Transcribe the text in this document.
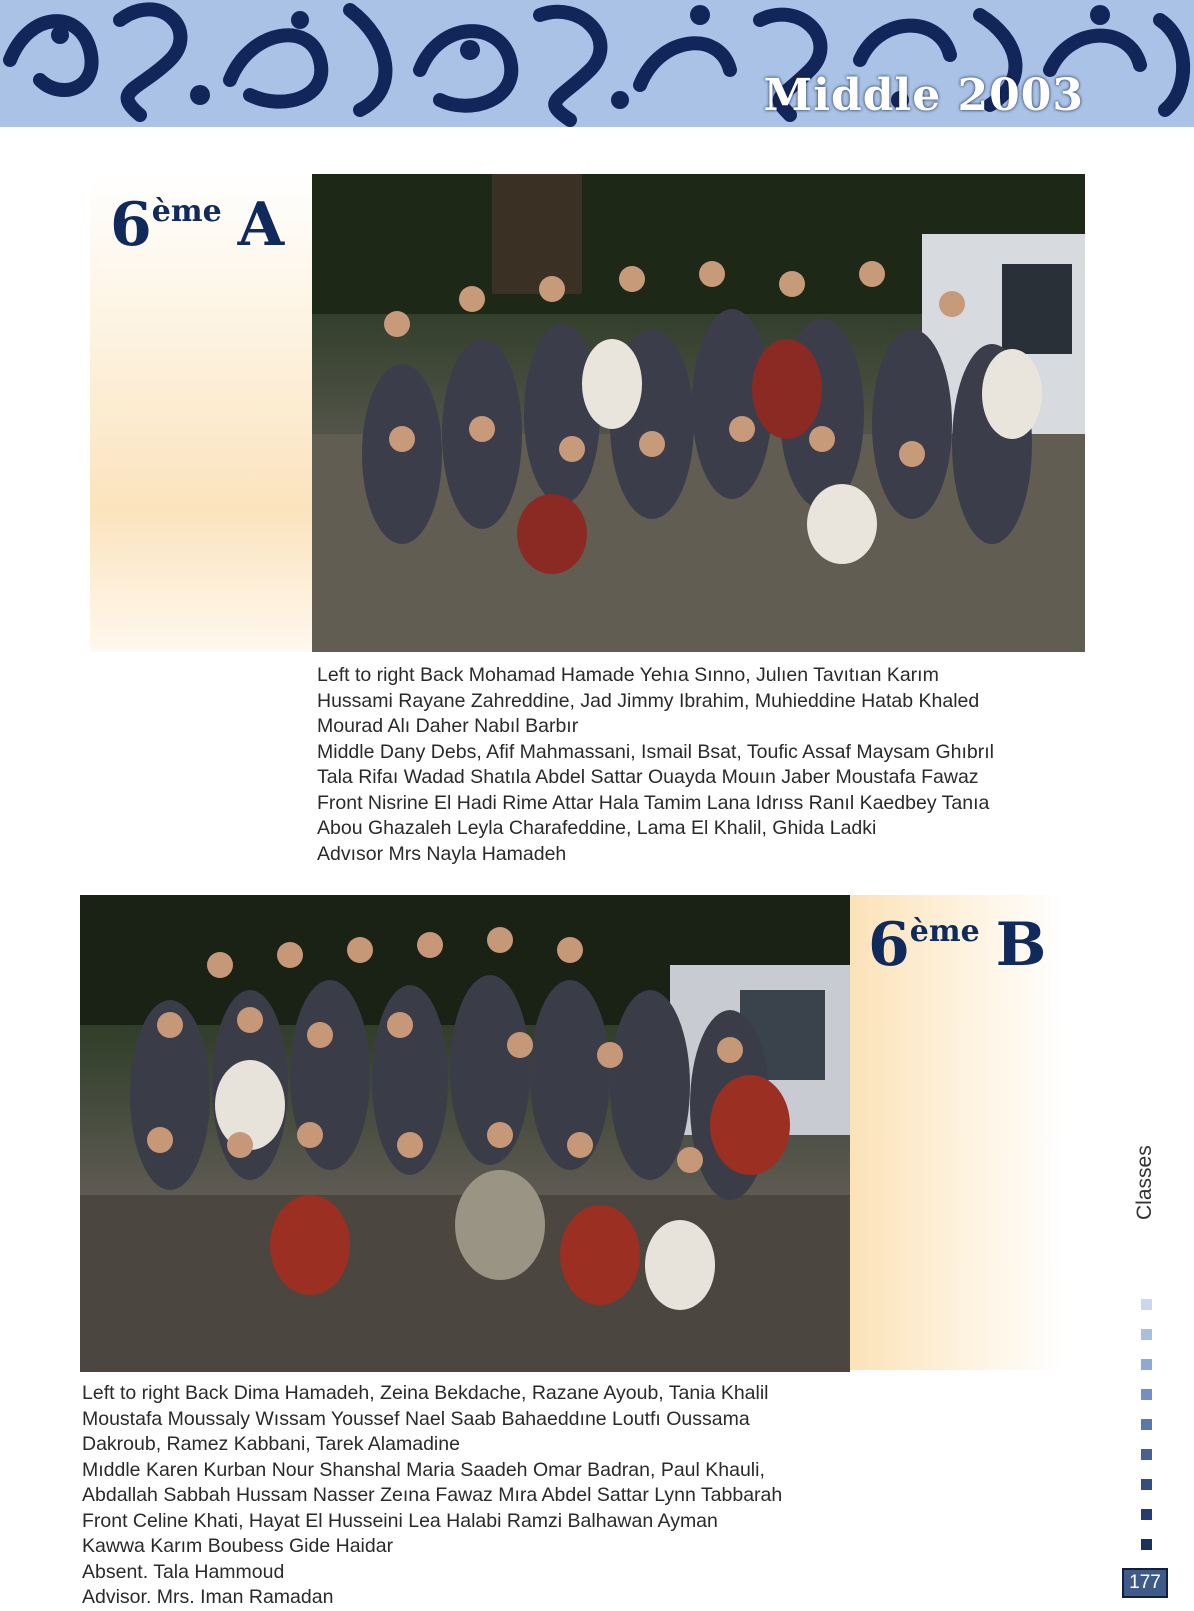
Middle 2003
6ème A

Left to right Back Mohamad Hamade Yehıa Sınno, Julıen Tavıtıan Karım

Hussami Rayane Zahreddine, Jad Jimmy Ibrahim, Muhieddine Hatab Khaled

Mourad Alı Daher Nabıl Barbır

Middle Dany Debs, Afif Mahmassani, Ismail Bsat, Toufic Assaf Maysam Ghıbrıl

Tala Rifaı Wadad Shatıla Abdel Sattar Ouayda Mouın Jaber Moustafa Fawaz

Front Nisrine El Hadi Rime Attar Hala Tamim Lana Idrıss Ranıl Kaedbey Tanıa

Abou Ghazaleh Leyla Charafeddine, Lama El Khalil, Ghida Ladki

Advısor Mrs Nayla Hamadeh

6ème B

Left to right Back Dima Hamadeh, Zeina Bekdache, Razane Ayoub, Tania Khalil

Moustafa Moussaly Wıssam Youssef Nael Saab Bahaeddıne Loutfı Oussama

Dakroub, Ramez Kabbani, Tarek Alamadine

Mıddle Karen Kurban Nour Shanshal Maria Saadeh Omar Badran, Paul Khauli,

Abdallah Sabbah Hussam Nasser Zeına Fawaz Mıra Abdel Sattar Lynn Tabbarah

Front Celine Khati, Hayat El Husseini Lea Halabi Ramzi Balhawan Ayman

Kawwa Karım Boubess Gide Haidar

Absent. Tala Hammoud

Advisor. Mrs. Iman Ramadan

Classes
177
